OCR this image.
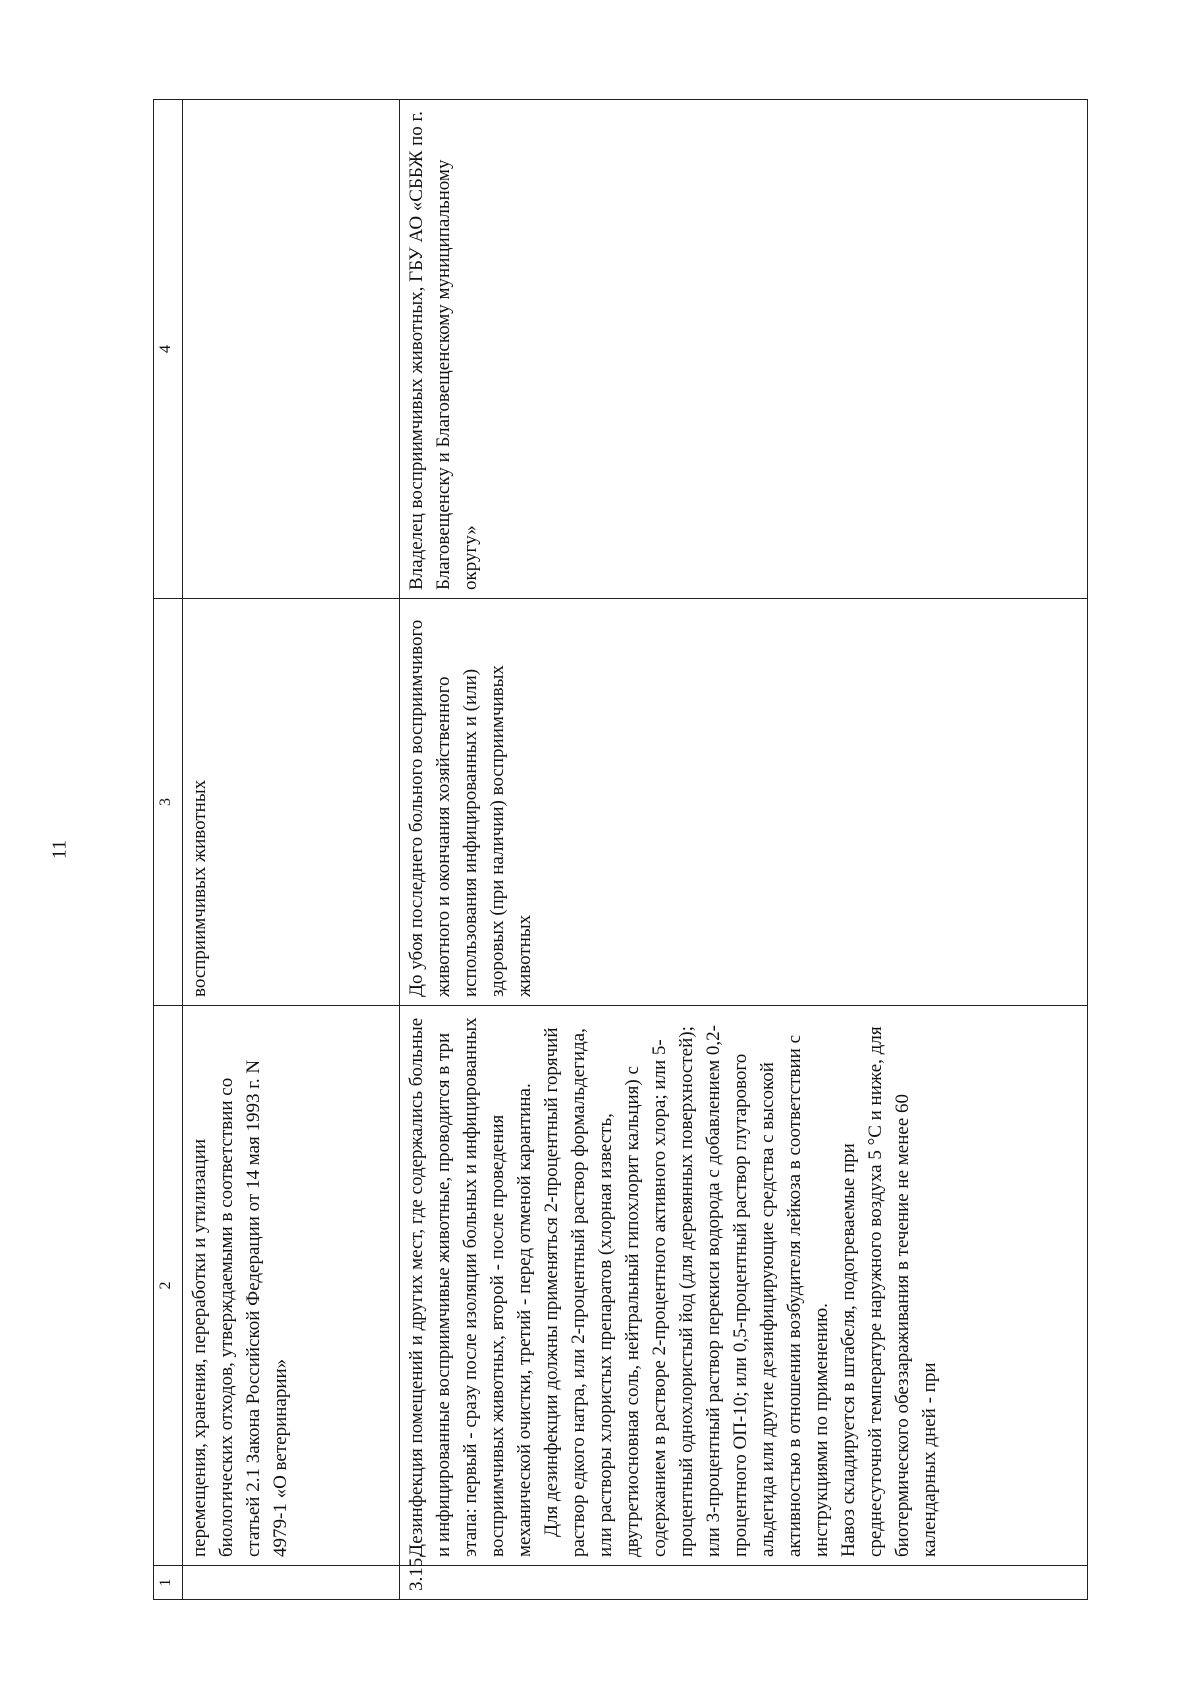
11
1	2	3	4

	перемещения, хранения, переработки и утилизации биологических отходов, утверждаемыми в соответствии со статьей 2.1 Закона Российской Федерации от 14 мая 1993 г. N 4979-1 «О ветеринарии»	восприимчивых животных	
3.15.	Дезинфекция помещений и других мест, где содержались больные и инфицированные восприимчивые животные, проводится в три этапа: первый - сразу после изоляции больных и инфицированных восприимчивых животных, второй - после проведения механической очистки, третий - перед отменой карантина. Для дезинфекции должны применяться 2-процентный горячий раствор едкого натра, или 2-процентный раствор формальдегида, или растворы хлористых препаратов (хлорная известь, двутретиосновная соль, нейтральный гипохлорит кальция) с содержанием в растворе 2-процентного активного хлора; или 5-процентный однохлористый йод (для деревянных поверхностей); или 3-процентный раствор перекиси водорода с добавлением 0,2-процентного ОП-10; или 0,5-процентный раствор глутарового альдегида или другие дезинфицирующие средства с высокой активностью в отношении возбудителя лейкоза в соответствии с инструкциями по применению. Навоз складируется в штабеля, подогреваемые при среднесуточной температуре наружного воздуха 5 °С и ниже, для биотермического обеззараживания в течение не менее 60 календарных дней - при	До убоя последнего больного восприимчивого животного и окончания хозяйственного использования инфицированных и (или) здоровых (при наличии) восприимчивых животных	Владелец восприимчивых животных, ГБУ АО «СББЖ по г. Благовещенску и Благовещенскому муниципальному округу»
